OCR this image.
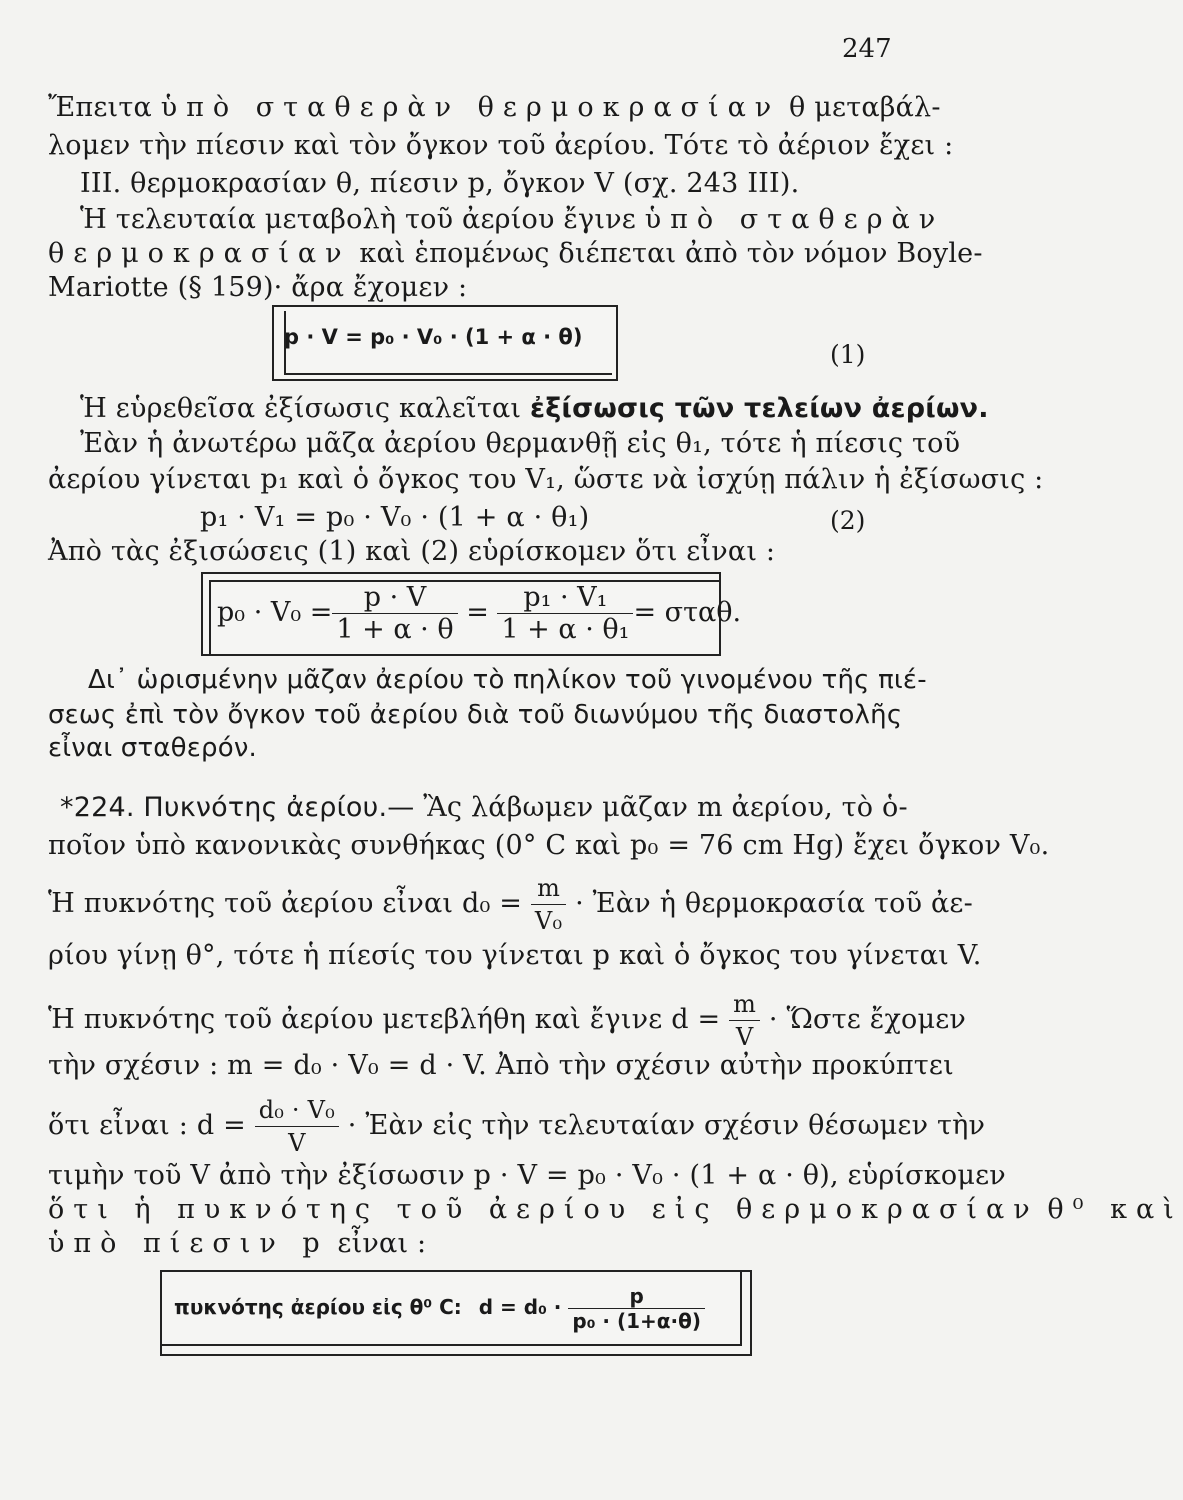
247
Ἔπειτα ὑπὸ σταθερὰν θερμοκρασίαν θ μεταβάλ-
λομεν τὴν πίεσιν καὶ τὸν ὄγκον τοῦ ἀερίου. Τότε τὸ ἀέριον ἔχει :
III. θερμοκρασίαν θ, πίεσιν p, ὄγκον V (σχ. 243 III).
Ἡ τελευταία μεταβολὴ τοῦ ἀερίου ἔγινε ὑπὸ σταθερὰν
θερμοκρασίαν καὶ ἑπομένως διέπεται ἀπὸ τὸν νόμον Boyle-
Mariotte (§ 159)· ἄρα ἔχομεν :
p · V = p₀ · V₀ · (1 + α · θ)
(1)
Ἡ εὑρεθεῖσα ἐξίσωσις καλεῖται ἐξίσωσις τῶν τελείων ἀερίων.
Ἐὰν ἡ ἀνωτέρω μᾶζα ἀερίου θερμανθῇ εἰς θ₁, τότε ἡ πίεσις τοῦ
ἀερίου γίνεται p₁ καὶ ὁ ὄγκος του V₁, ὥστε νὰ ἰσχύῃ πάλιν ἡ ἐξίσωσις :
p₁ · V₁ = p₀ · V₀ · (1 + α · θ₁)	(2)
Ἀπὸ τὰς ἐξισώσεις (1) καὶ (2) εὑρίσκομεν ὅτι εἶναι :
$p_0 \cdot V_0 = \frac{p \cdot V}{1 + \alpha \cdot \theta} = \frac{\text{p₁ · V₁}}{\text{1 + α · θ₁}} = \sigma\tau\alpha\theta$.
Δι᾽ ὡρισμένην μᾶζαν ἀερίου τὸ πηλίκον τοῦ γινομένου τῆς πιέ-
σεως ἐπὶ τὸν ὄγκον τοῦ ἀερίου διὰ τοῦ διωνύμου τῆς διαστολῆς
εἶναι σταθερόν.
*224. Πυκνότης ἀερίου.— Ἂς λάβωμεν μᾶζαν m ἀερίου, τὸ ὁ-
ποῖον ὑπὸ κανονικὰς συνθήκας (0° C καὶ p₀ = 76 cm Hg) ἔχει ὄγκον V₀.
Ἡ πυκνότης τοῦ ἀερίου εἶναι $d_0 = \frac{m}{\text{V₀}}$ · Ἐὰν ἡ θερμοκρασία τοῦ ἀε-
ρίου γίνῃ θ°, τότε ἡ πίεσίς του γίνεται p καὶ ὁ ὄγκος του γίνεται V.
Ἡ πυκνότης τοῦ ἀερίου μετεβλήθη καὶ ἔγινε $d = \frac{m}{V}$ · Ὥστε ἔχομεν
τὴν σχέσιν : m = d₀ · V₀ = d · V. Ἀπὸ τὴν σχέσιν αὐτὴν προκύπτει
ὅτι εἶναι : $d = \frac{\text{d₀ · V₀}}{V}$ · Ἐὰν εἰς τὴν τελευταίαν σχέσιν θέσωμεν τὴν
τιμὴν τοῦ V ἀπὸ τὴν ἐξίσωσιν p · V = p₀ · V₀ · (1 + α · θ), εὑρίσκομεν
ὅτι ἡ πυκνότης τοῦ ἀερίου εἰς θερμοκρασίαν θ⁰ καὶ
ὑπὸ πίεσιν p εἶναι :
πυκνότης ἀερίου εἰς θ⁰ C: $d = d_0 \cdot \frac{p}{\text{p₀ · (1+α·θ)}}$
